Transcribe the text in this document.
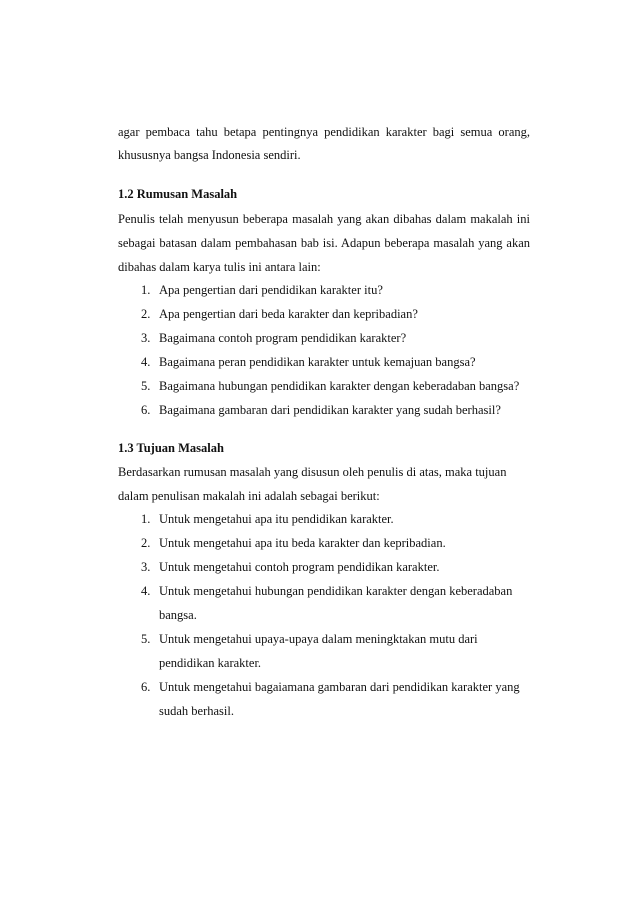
agar pembaca tahu betapa pentingnya pendidikan karakter bagi semua orang,
khususnya bangsa Indonesia sendiri.
1.2 Rumusan Masalah
Penulis telah menyusun beberapa masalah yang akan dibahas dalam makalah ini
sebagai batasan dalam pembahasan bab isi. Adapun beberapa masalah yang akan
dibahas dalam karya tulis ini antara lain:
1. Apa pengertian dari pendidikan karakter itu?
2. Apa pengertian dari beda karakter dan kepribadian?
3. Bagaimana contoh program pendidikan karakter?
4. Bagaimana peran pendidikan karakter untuk kemajuan bangsa?
5. Bagaimana hubungan pendidikan karakter dengan keberadaban bangsa?
6. Bagaimana gambaran dari pendidikan karakter yang sudah berhasil?
1.3 Tujuan Masalah
Berdasarkan rumusan masalah yang disusun oleh penulis di atas, maka tujuan
dalam penulisan makalah ini adalah sebagai berikut:
1. Untuk mengetahui apa itu pendidikan karakter.
2. Untuk mengetahui apa itu beda karakter dan kepribadian.
3. Untuk mengetahui contoh program pendidikan karakter.
4. Untuk mengetahui hubungan pendidikan karakter dengan keberadaban
bangsa.
5. Untuk mengetahui upaya-upaya dalam meningktakan mutu dari
pendidikan karakter.
6. Untuk mengetahui bagaiamana gambaran dari pendidikan karakter yang
sudah berhasil.
